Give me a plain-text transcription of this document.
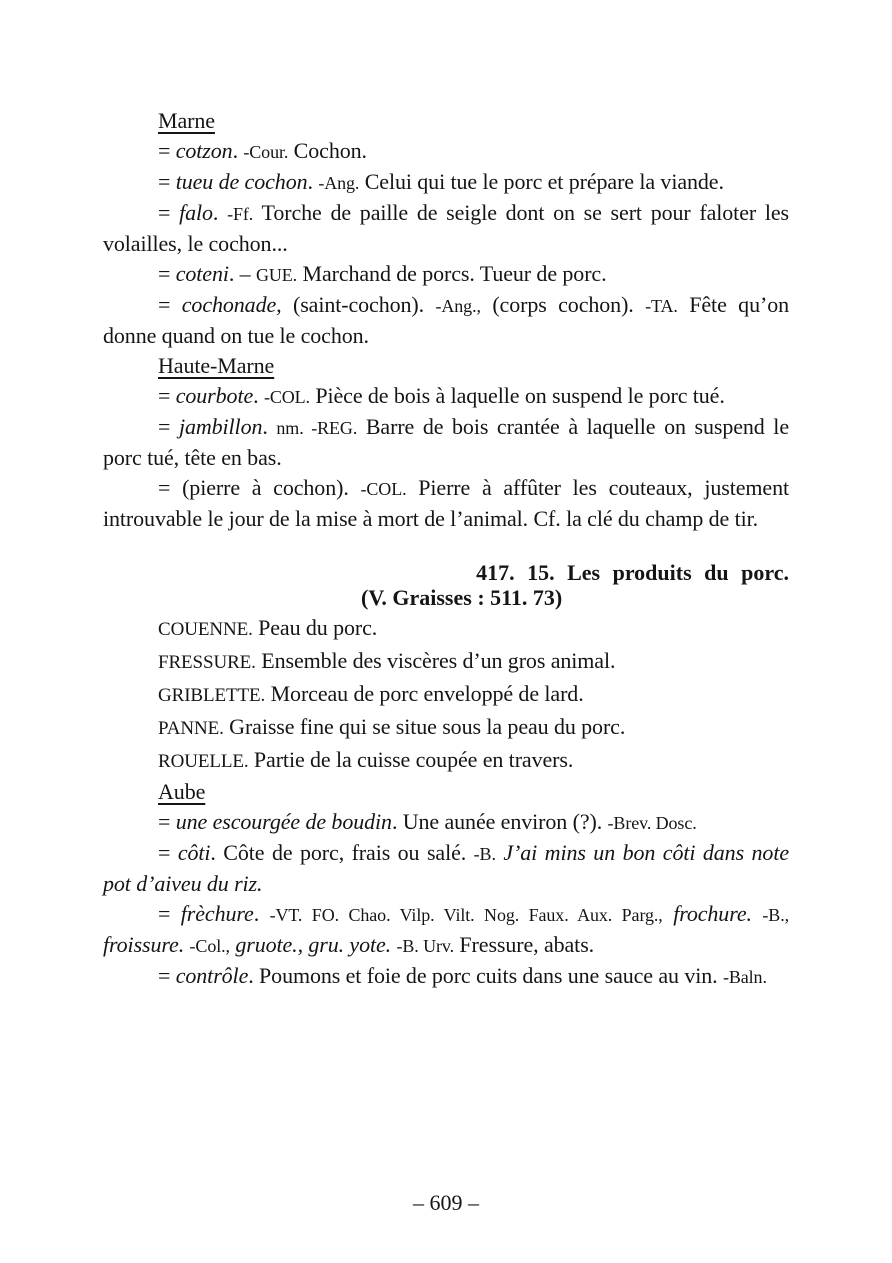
Marne

= cotzon. -Cour. Cochon.

= tueu de cochon. -Ang. Celui qui tue le porc et prépare la viande.

= falo. -Ff. Torche de paille de seigle dont on se sert pour faloter les volailles, le cochon...

= coteni. – GUE. Marchand de porcs. Tueur de porc.

= cochonade, (saint-cochon). -Ang., (corps cochon). -TA. Fête qu’on donne quand on tue le cochon.

Haute-Marne

= courbote. -COL. Pièce de bois à laquelle on suspend le porc tué.

= jambillon. nm. -REG. Barre de bois crantée à laquelle on suspend le porc tué, tête en bas.

= (pierre à cochon). -COL. Pierre à affûter les couteaux, justement introuvable le jour de la mise à mort de l’animal. Cf. la clé du champ de tir.

417. 15. Les produits du porc.
(V. Graisses : 511. 73)

COUENNE. Peau du porc.

FRESSURE. Ensemble des viscères d’un gros animal.

GRIBLETTE. Morceau de porc enveloppé de lard.

PANNE. Graisse fine qui se situe sous la peau du porc.

ROUELLE. Partie de la cuisse coupée en travers.

Aube

= une escourgée de boudin. Une aunée environ (?). -Brev. Dosc.

= côti. Côte de porc, frais ou salé. -B. J’ai mins un bon côti dans note pot d’aiveu du riz.

= frèchure. -VT. FO. Chao. Vilp. Vilt. Nog. Faux. Aux. Parg., frochure. -B., froissure. -Col., gruote., gru. yote. -B. Urv. Fressure, abats.

= contrôle. Poumons et foie de porc cuits dans une sauce au vin. -Baln.

– 609 –
